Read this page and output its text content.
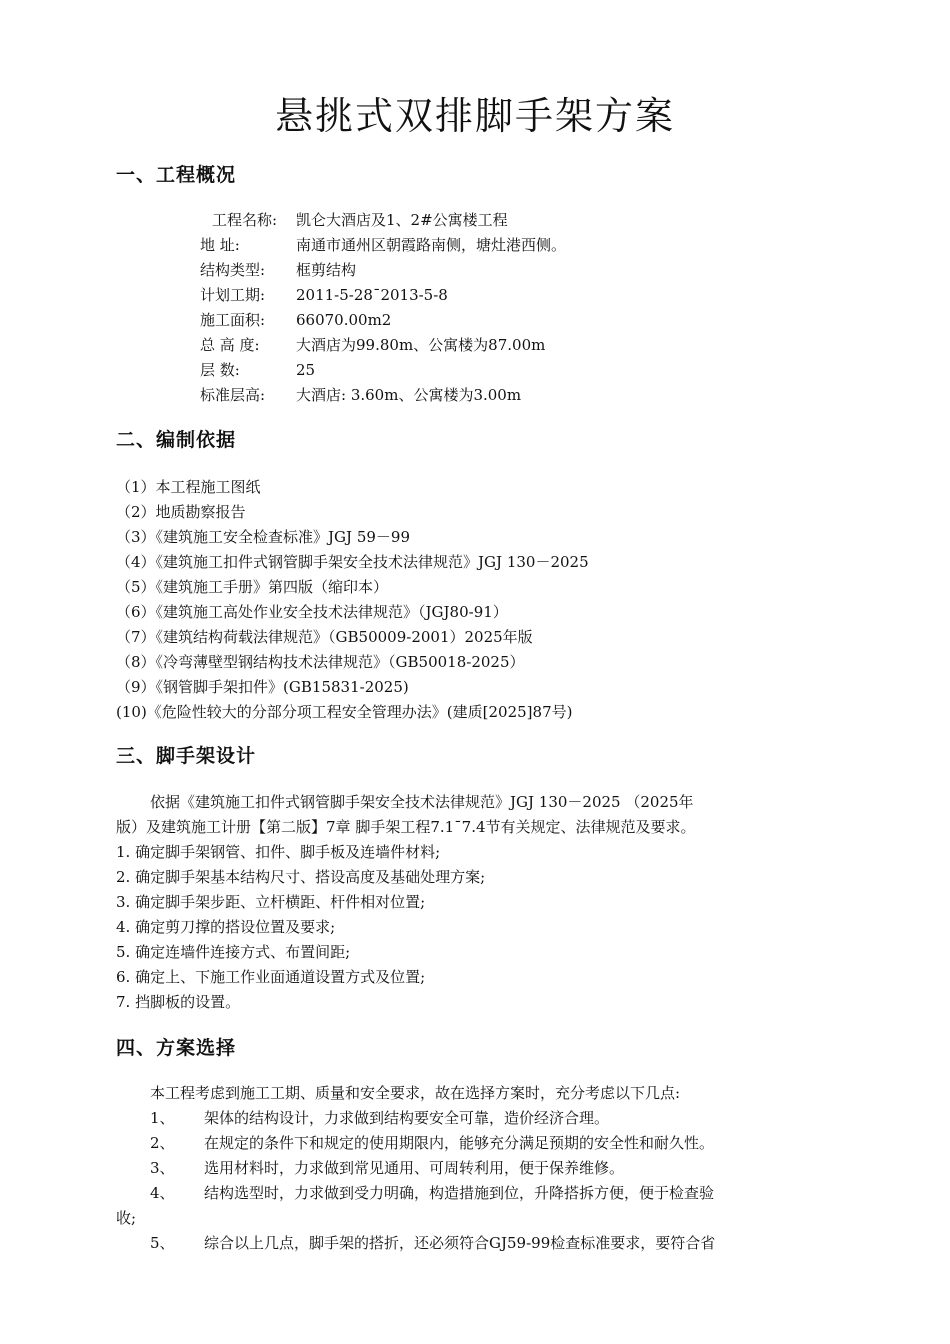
悬挑式双排脚手架方案
一、工程概况
工程名称: 凯仑大酒店及1、2#公寓楼工程
地 址:	南通市通州区朝霞路南侧，塘灶港西侧。
结构类型: 框剪结构
计划工期: 2011-5-28¯2013-5-8
施工面积: 66070.00m2
总 高 度: 大酒店为99.80m、公寓楼为87.00m
层 数:	25
标准层高: 大酒店: 3.60m、公寓楼为3.00m
二、编制依据
（1）本工程施工图纸
（2）地质勘察报告
（3）《建筑施工安全检查标准》JGJ 59－99
（4）《建筑施工扣件式钢管脚手架安全技术法律规范》JGJ 130－2025
（5）《建筑施工手册》第四版（缩印本）
（6）《建筑施工高处作业安全技术法律规范》（JGJ80-91）
（7）《建筑结构荷载法律规范》（GB50009-2001）2025年版
（8）《冷弯薄壁型钢结构技术法律规范》（GB50018-2025）
（9）《钢管脚手架扣件》(GB15831-2025)
(10)《危险性较大的分部分项工程安全管理办法》(建质[2025]87号)
三、脚手架设计
依据《建筑施工扣件式钢管脚手架安全技术法律规范》JGJ 130－2025 （2025年
版）及建筑施工计册【第二版】7章 脚手架工程7.1¯7.4节有关规定、法律规范及要求。
1. 确定脚手架钢管、扣件、脚手板及连墙件材料;
2. 确定脚手架基本结构尺寸、搭设高度及基础处理方案;
3. 确定脚手架步距、立杆横距、杆件相对位置;
4. 确定剪刀撑的搭设位置及要求;
5. 确定连墙件连接方式、布置间距;
6. 确定上、下施工作业面通道设置方式及位置;
7. 挡脚板的设置。
四、方案选择
本工程考虑到施工工期、质量和安全要求，故在选择方案时，充分考虑以下几点:
1、 架体的结构设计，力求做到结构要安全可靠，造价经济合理。
2、 在规定的条件下和规定的使用期限内，能够充分满足预期的安全性和耐久性。
3、 选用材料时，力求做到常见通用、可周转利用，便于保养维修。
4、 结构选型时，力求做到受力明确，构造措施到位，升降搭拆方便，便于检查验
收;
5、 综合以上几点，脚手架的搭折，还必须符合GJ59-99检查标准要求，要符合省
